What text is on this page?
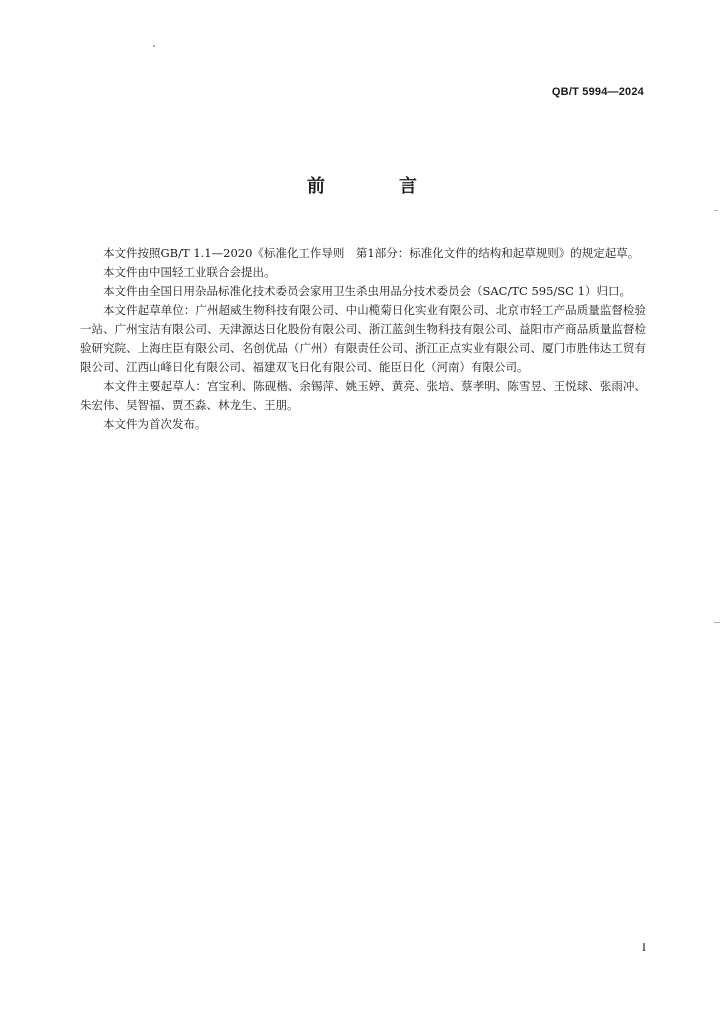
QB/T 5994—2024
前　言

本文件按照GB/T 1.1—2020《标准化工作导则　第1部分：标准化文件的结构和起草规则》的规定起草。

本文件由中国轻工业联合会提出。

本文件由全国日用杂品标准化技术委员会家用卫生杀虫用品分技术委员会（SAC/TC 595/SC 1）归口。

本文件起草单位：广州超威生物科技有限公司、中山榄菊日化实业有限公司、北京市轻工产品质量监督检验一站、广州宝洁有限公司、天津源达日化股份有限公司、浙江蓝剑生物科技有限公司、益阳市产商品质量监督检验研究院、上海庄臣有限公司、名创优品（广州）有限责任公司、浙江正点实业有限公司、厦门市胜伟达工贸有限公司、江西山峰日化有限公司、福建双飞日化有限公司、能臣日化（河南）有限公司。

本文件主要起草人：宫宝利、陈砚楷、余锡萍、姚玉婷、黄亮、张培、蔡孝明、陈雪昱、王悦球、张雨冲、朱宏伟、吴智福、贾丕淼、林龙生、王朋。

本文件为首次发布。

I
